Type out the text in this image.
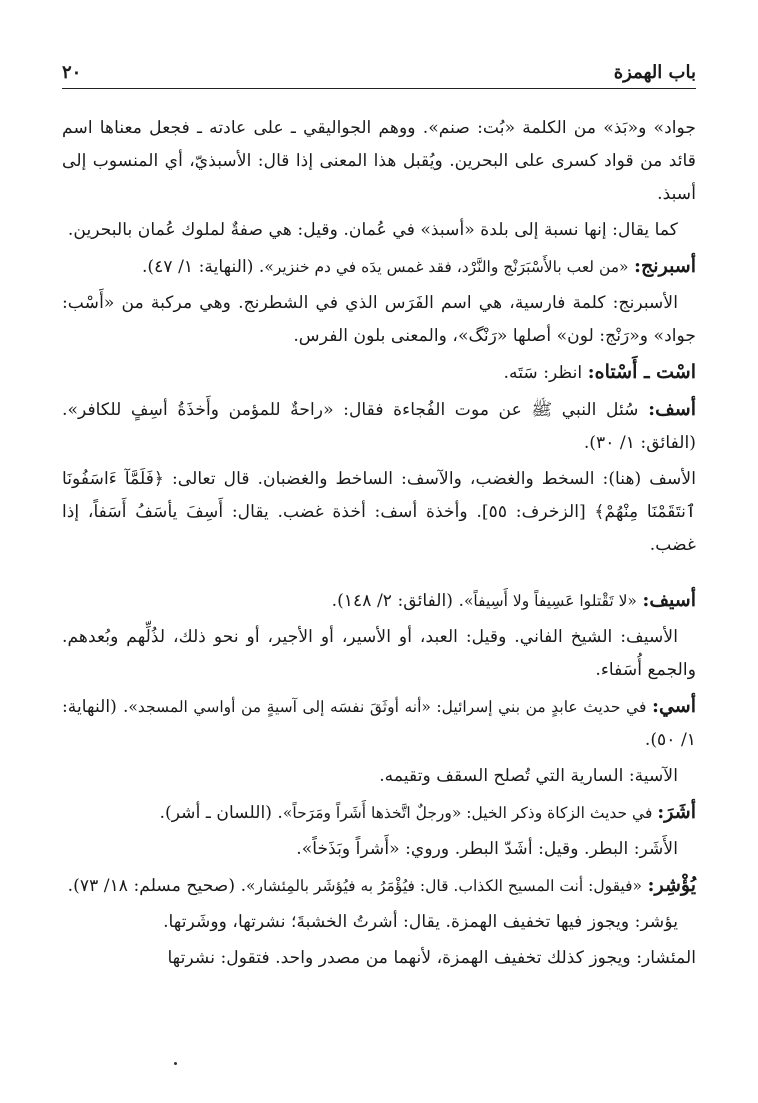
باب الهمزة
٢٠

جواد» و«بَذ» من الكلمة «بُت: صنم». ووهم الجواليقي ـ على عادته ـ فجعل معناها اسم قائد من قواد كسرى على البحرين. ويُقبل هذا المعنى إذا قال: الأسبذيّ، أي المنسوب إلى أسبذ.

كما يقال: إنها نسبة إلى بلدة «أسبذ» في عُمان. وقيل: هي صفةٌ لملوك عُمان بالبحرين.

أسبرنج: «من لعب بالأَسْبَرَنْج والنَّرْد، فقد غمس يدَه في دم خنزير». (النهاية: ١/ ٤٧).

الأسبرنج: كلمة فارسية، هي اسم الفَرَس الذي في الشطرنج. وهي مركبة من «أَسْب: جواد» و«رَنْج: لون» أصلها «رَنْگ»، والمعنى بلون الفرس.

اسْت ـ أَسْتاه: انظر: سَتَه.

أسف: سُئل النبي ﷺ عن موت الفُجاءة فقال: «راحةٌ للمؤمن وأَخذَةُ أسِفٍ للكافر». (الفائق: ١/ ٣٠).

الأسف (هنا): السخط والغضب، والآسف: الساخط والغضبان. قال تعالى: ﴿فَلَمَّآ ءَاسَفُونَا ٱنتَقَمْنَا مِنْهُمْ﴾ [الزخرف: ٥٥]. وأخذة أسف: أخذة غضب. يقال: أَسِفَ يأسَفُ أَسَفاً، إذا غضب.

أسيف: «لا تَقْتلوا عَسِيفاً ولا أَسِيفاً». (الفائق: ٢/ ١٤٨).

الأسيف: الشيخ الفاني. وقيل: العبد، أو الأسير، أو الأجير، أو نحو ذلك، لذُلِّهم وبُعدهم. والجمع أُسَفاء.

أسي: في حديث عابدٍ من بني إسرائيل: «أنه أوثَقَ نفسَه إلى آسيةٍ من أواسي المسجد». (النهاية: ١/ ٥٠).

الآسية: السارية التي تُصلح السقف وتقيمه.

أشَرَ: في حديث الزكاة وذكر الخيل: «ورجلٌ اتَّخذها أَشَراً ومَرَحاً». (اللسان ـ أشر).

الأَشَر: البطر. وقيل: أشَدّ البطر. وروي: «أَشراً وبَذَخاً».

يُؤْشِر: «فيقول: أنت المسيح الكذاب. قال: فيُؤْمَرُ به فيُؤشَر بالمِئشار». (صحيح مسلم: ١٨/ ٧٣).

يؤشر: ويجوز فيها تخفيف الهمزة. يقال: أشرتُ الخشبةَ؛ نشرتها، ووشَرتها.

المئشار: ويجوز كذلك تخفيف الهمزة، لأنهما من مصدر واحد. فتقول: نشرتها
